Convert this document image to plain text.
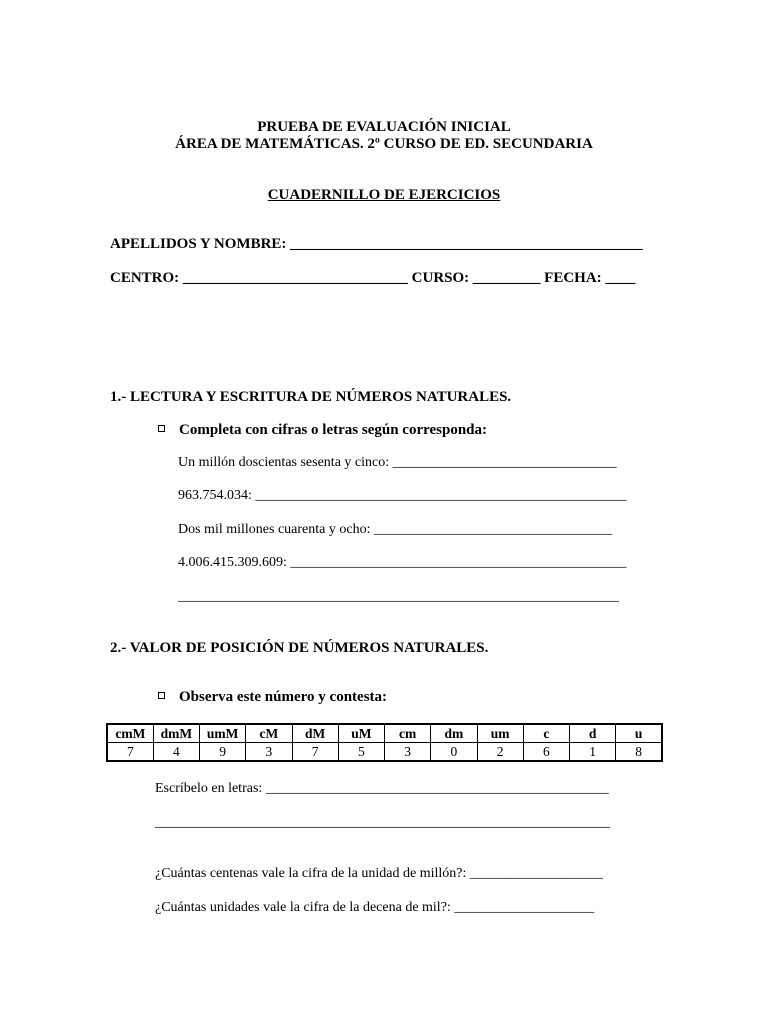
PRUEBA DE EVALUACIÓN INICIAL
ÁREA DE MATEMÁTICAS. 2º CURSO DE ED. SECUNDARIA
CUADERNILLO DE EJERCICIOS
APELLIDOS Y NOMBRE: _______________________________________________
CENTRO: ______________________________ CURSO: _________ FECHA: ____
1.- LECTURA Y ESCRITURA DE NÚMEROS NATURALES.
Completa con cifras o letras según corresponda:
Un millón doscientas sesenta y cinco: ________________________________
963.754.034: _____________________________________________________
Dos mil millones cuarenta y ocho: __________________________________
4.006.415.309.609: ________________________________________________
_______________________________________________________________
2.- VALOR DE POSICIÓN DE NÚMEROS NATURALES.
Observa este número y contesta:
cmM	dmM	umM	cM	dM	uM	cm	dm	um	c	d	u
7	4	9	3	7	5	3	0	2	6	1	8
Escríbelo en letras: _________________________________________________
_________________________________________________________________
¿Cuántas centenas vale la cifra de la unidad de millón?: ___________________
¿Cuántas unidades vale la cifra de la decena de mil?: ____________________
